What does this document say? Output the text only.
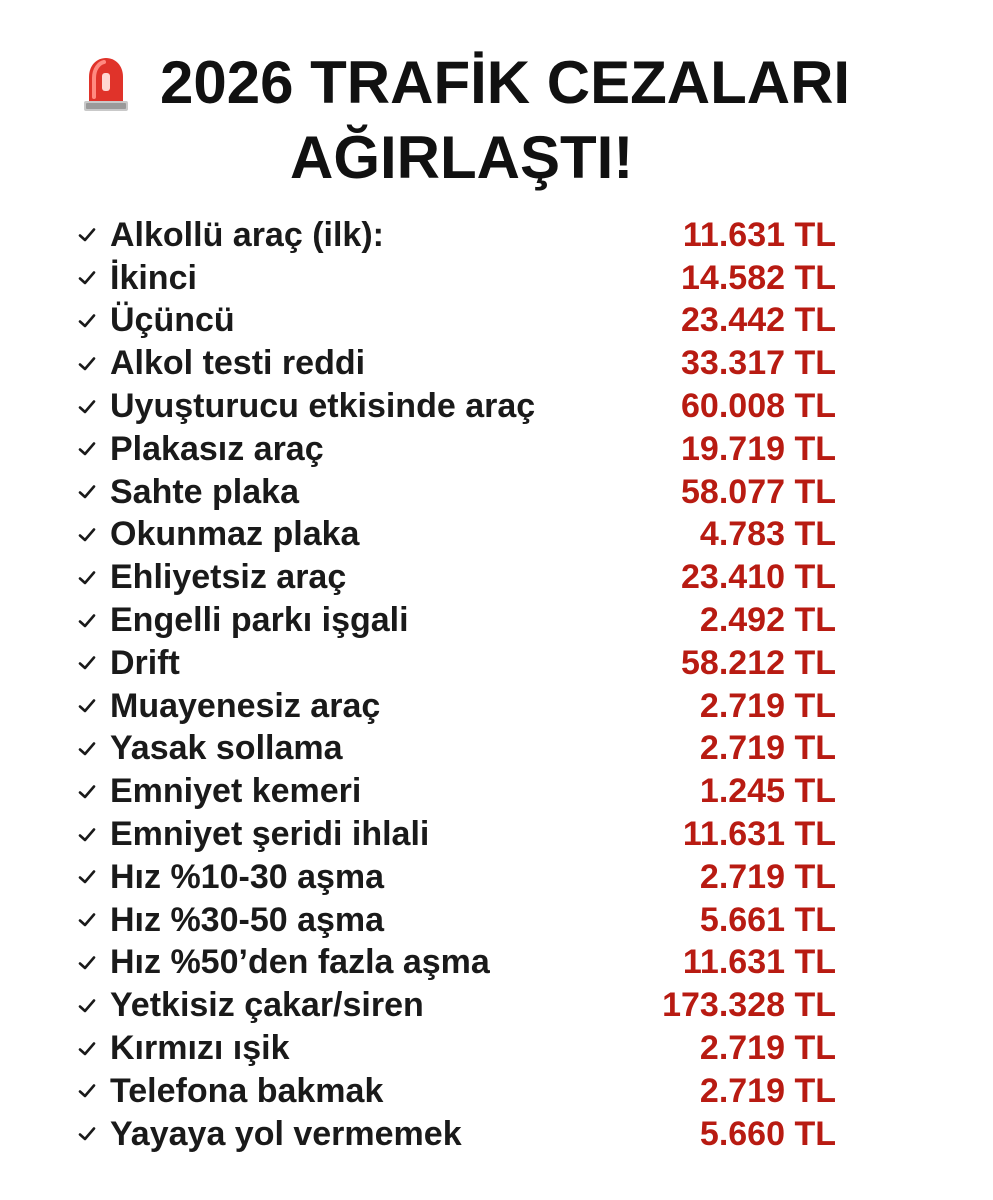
2026 TRAFİK CEZALARI
AĞIRLAŞTI!
Alkollü araç (ilk):	11.631 TL
İkinci	14.582 TL
Üçüncü	23.442 TL
Alkol testi reddi	33.317 TL
Uyuşturucu etkisinde araç	60.008 TL
Plakasız araç	19.719 TL
Sahte plaka	58.077 TL
Okunmaz plaka	4.783 TL
Ehliyetsiz araç	23.410 TL
Engelli parkı işgali	2.492 TL
Drift	58.212 TL
Muayenesiz araç	2.719 TL
Yasak sollama	2.719 TL
Emniyet kemeri	1.245 TL
Emniyet şeridi ihlali	11.631 TL
Hız %10-30 aşma	2.719 TL
Hız %30-50 aşma	5.661 TL
Hız %50’den fazla aşma	11.631 TL
Yetkisiz çakar/siren	173.328 TL
Kırmızı ışik	2.719 TL
Telefona bakmak	2.719 TL
Yayaya yol vermemek	5.660 TL
